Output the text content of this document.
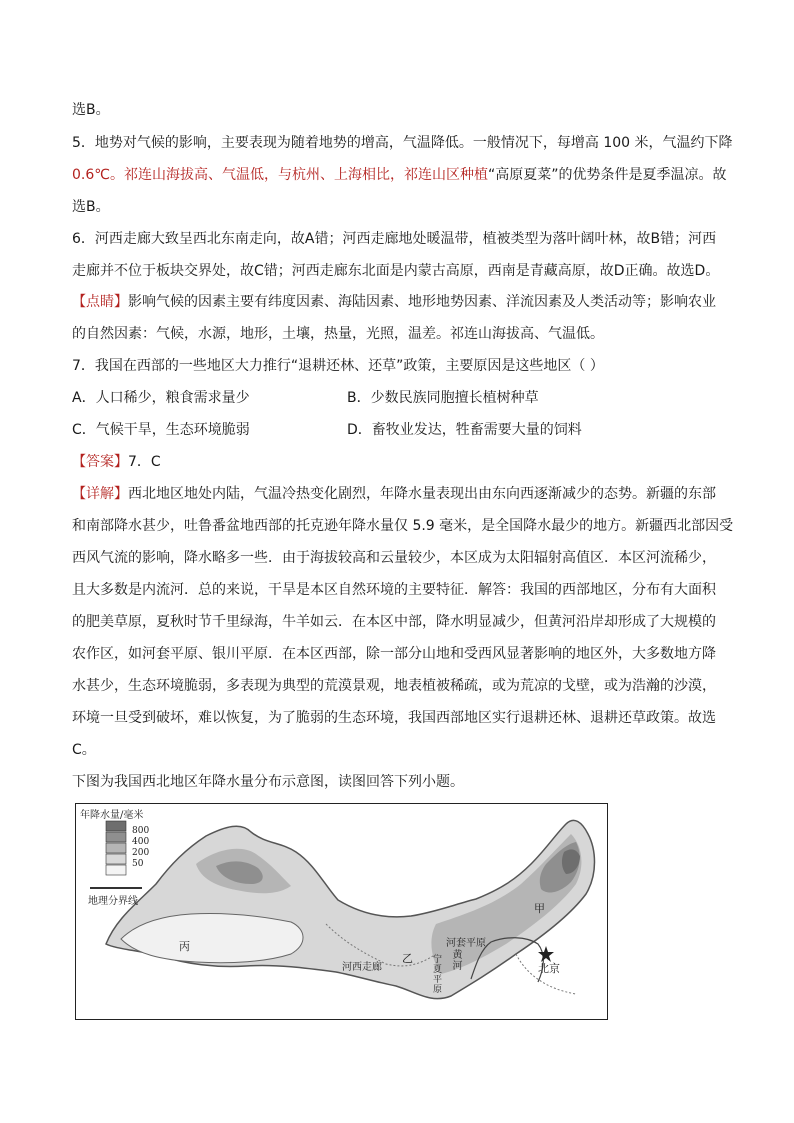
选B。
5．地势对气候的影响，主要表现为随着地势的增高，气温降低。一般情况下，每增高 100 米，气温约下降
0.6℃。祁连山海拔高、气温低，与杭州、上海相比，祁连山区种植“高原夏菜”的优势条件是夏季温凉。故
选B。
6．河西走廊大致呈西北东南走向，故A错；河西走廊地处暖温带，植被类型为落叶阔叶林，故B错；河西
走廊并不位于板块交界处，故C错；河西走廊东北面是内蒙古高原，西南是青藏高原，故D正确。故选D。
【点睛】影响气候的因素主要有纬度因素、海陆因素、地形地势因素、洋流因素及人类活动等；影响农业
的自然因素：气候，水源，地形，土壤，热量，光照，温差。祁连山海拔高、气温低。
7．我国在西部的一些地区大力推行“退耕还林、还草”政策，主要原因是这些地区（ ）
A．人口稀少，粮食需求量少	B．少数民族同胞擅长植树种草
C．气候干旱，生态环境脆弱	D．畜牧业发达，牲畜需要大量的饲料
【答案】7．C
【详解】西北地区地处内陆，气温冷热变化剧烈，年降水量表现出由东向西逐渐减少的态势。新疆的东部
和南部降水甚少，吐鲁番盆地西部的托克逊年降水量仅 5.9 毫米，是全国降水最少的地方。新疆西北部因受
西风气流的影响，降水略多一些．由于海拔较高和云量较少，本区成为太阳辐射高值区．本区河流稀少，
且大多数是内流河．总的来说，干旱是本区自然环境的主要特征．解答：我国的西部地区，分布有大面积
的肥美草原，夏秋时节千里绿海，牛羊如云．在本区中部，降水明显减少，但黄河沿岸却形成了大规模的
农作区，如河套平原、银川平原．在本区西部，除一部分山地和受西风显著影响的地区外，大多数地方降
水甚少，生态环境脆弱，多表现为典型的荒漠景观，地表植被稀疏，或为荒凉的戈壁，或为浩瀚的沙漠，
环境一旦受到破坏，难以恢复，为了脆弱的生态环境，我国西部地区实行退耕还林、退耕还草政策。故选
C。
下图为我国西北地区年降水量分布示意图，读图回答下列小题。
年降水量/毫米
800
400
200
50
地理分界线
丙
乙
甲
河套平原
黄河
宁夏平原
河西走廊	北京
